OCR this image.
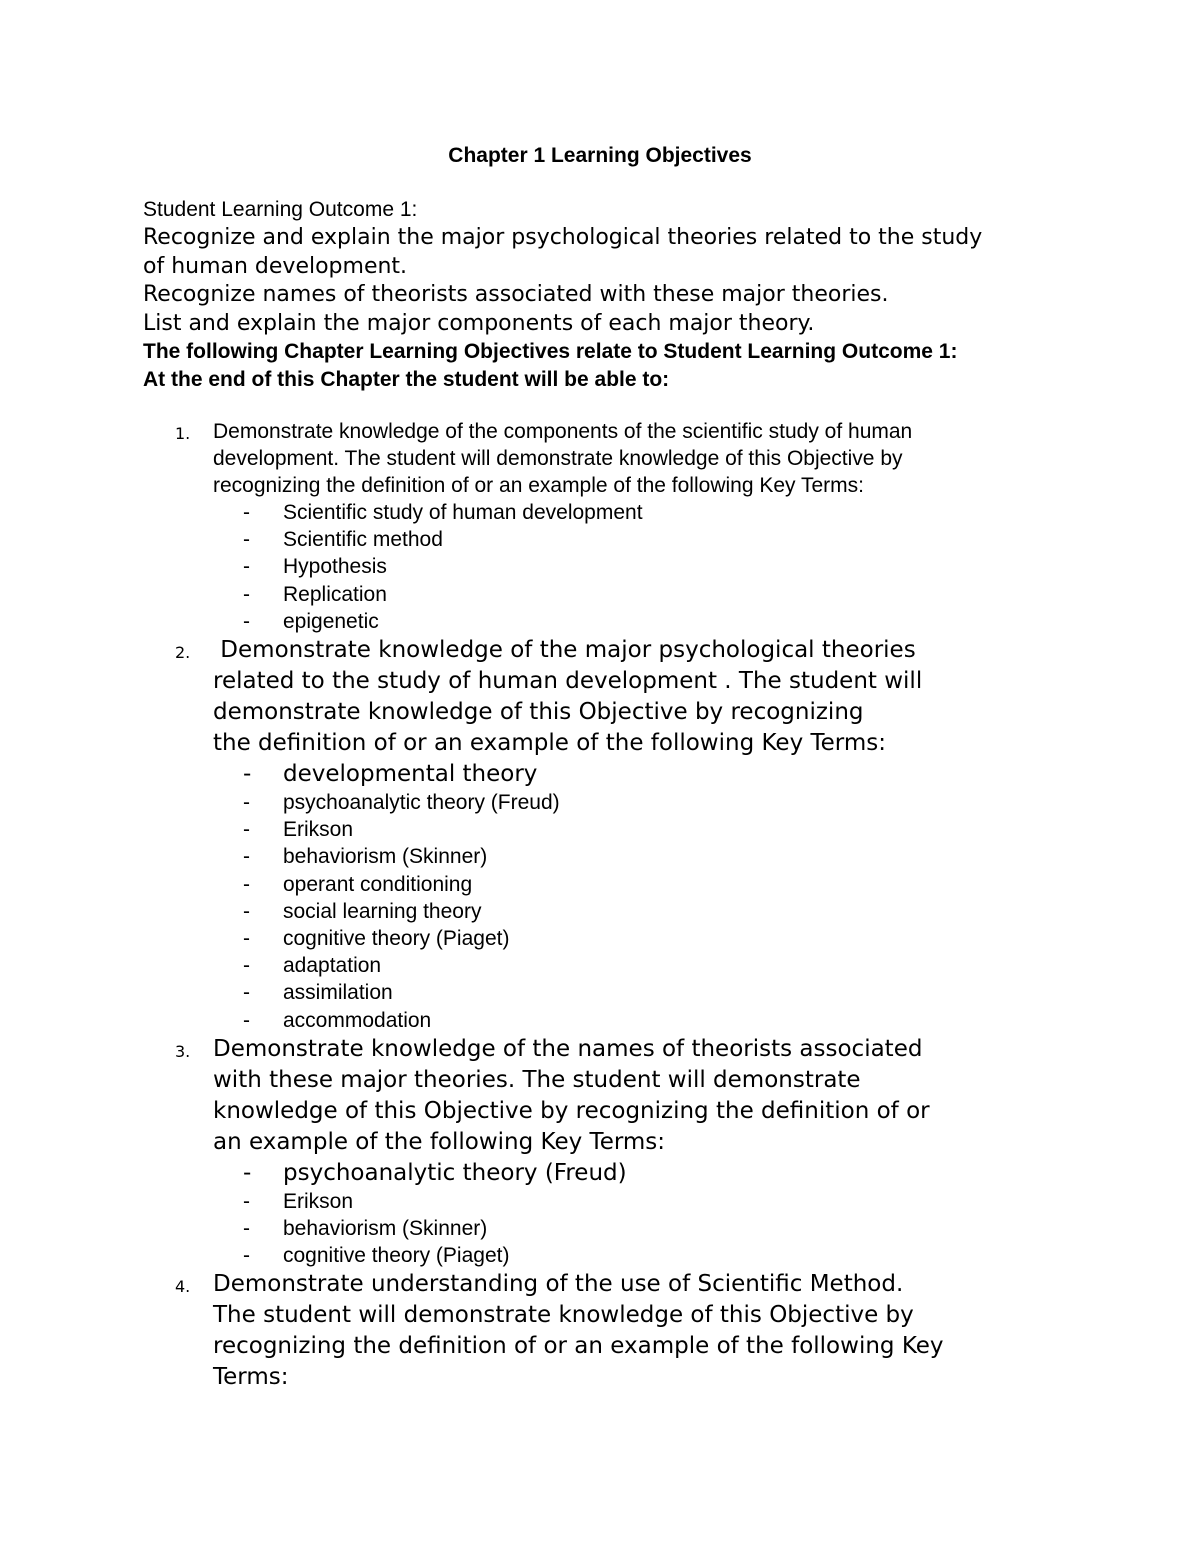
Chapter 1 Learning Objectives
Student Learning Outcome 1:
Recognize and explain the major psychological theories related to the study
of human development.
Recognize names of theorists associated with these major theories.
List and explain the major components of each major theory.
The following Chapter Learning Objectives relate to Student Learning Outcome 1:
At the end of this Chapter the student will be able to:
1. Demonstrate knowledge of the components of the scientific study of human
development. The student will demonstrate knowledge of this Objective by
recognizing the definition of or an example of the following Key Terms:
- Scientific study of human development
- Scientific method
- Hypothesis
- Replication
- epigenetic
2. Demonstrate knowledge of the major psychological theories
related to the study of human development . The student will
demonstrate knowledge of this Objective by recognizing
the definition of or an example of the following Key Terms:
- developmental theory
- psychoanalytic theory (Freud)
- Erikson
- behaviorism (Skinner)
- operant conditioning
- social learning theory
- cognitive theory (Piaget)
- adaptation
- assimilation
- accommodation
3. Demonstrate knowledge of the names of theorists associated
with these major theories. The student will demonstrate
knowledge of this Objective by recognizing the definition of or
an example of the following Key Terms:
- psychoanalytic theory (Freud)
- Erikson
- behaviorism (Skinner)
- cognitive theory (Piaget)
4. Demonstrate understanding of the use of Scientific Method.
The student will demonstrate knowledge of this Objective by
recognizing the definition of or an example of the following Key
Terms:
